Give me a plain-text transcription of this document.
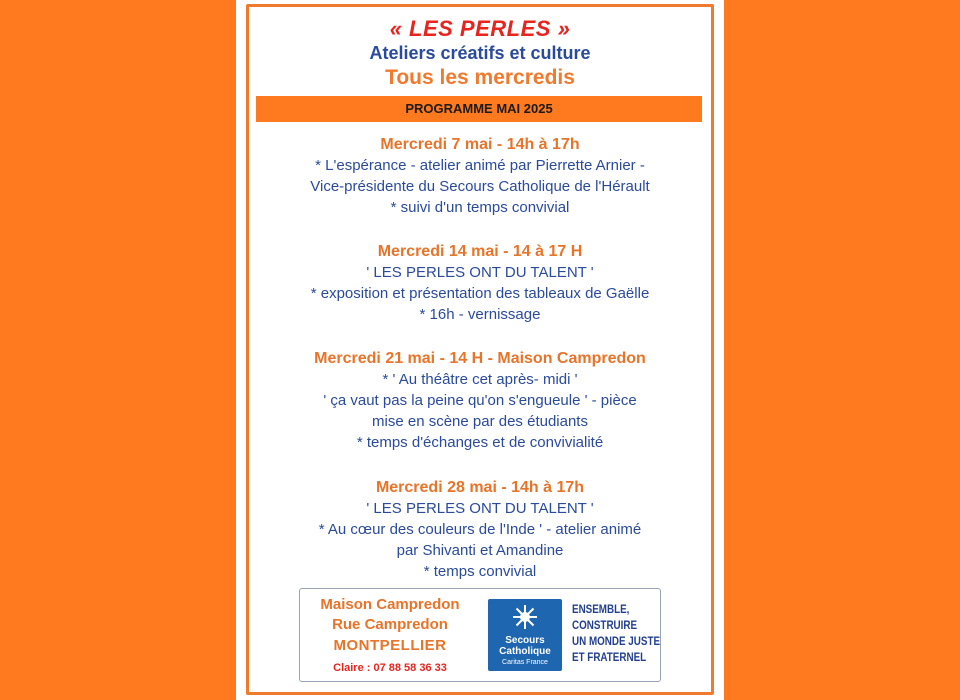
« LES PERLES »
Ateliers créatifs et culture
Tous les mercredis
PROGRAMME MAI 2025
Mercredi 7 mai - 14h à 17h
* L'espérance - atelier animé par Pierrette Arnier -
Vice-présidente du Secours Catholique de l'Hérault
* suivi d'un temps convivial
Mercredi 14 mai - 14 à 17 H
' LES PERLES ONT DU TALENT '
* exposition et présentation des tableaux de Gaëlle
* 16h - vernissage
Mercredi 21 mai - 14 H - Maison Campredon
* ' Au théâtre cet après- midi '
' ça vaut pas la peine qu'on s'engueule ' - pièce
mise en scène par des étudiants
* temps d'échanges et de convivialité
Mercredi 28 mai - 14h à 17h
' LES PERLES ONT DU TALENT '
* Au cœur des couleurs de l'Inde ' - atelier animé
par Shivanti et Amandine
* temps convivial
Maison Campredon
Rue Campredon
MONTPELLIER
Claire : 07 88 58 36 33
Secours
Catholique
Caritas France
ENSEMBLE,
CONSTRUIRE
UN MONDE JUSTE
ET FRATERNEL
